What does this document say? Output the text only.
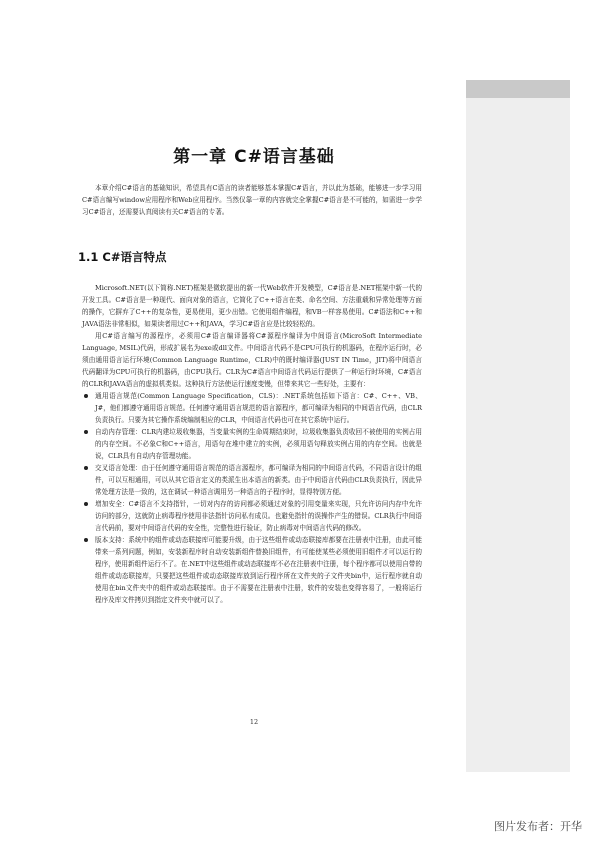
第一章 C#语言基础

本章介绍C#语言的基础知识，希望具有C语言的读者能够基本掌握C#语言，并以此为基础，能够进一步学习用C#语言编写window应用程序和Web应用程序。当然仅靠一章的内容就完全掌握C#语言是不可能的，如需进一步学习C#语言，还需要认真阅读有关C#语言的专著。

1.1 C#语言特点

Microsoft.NET(以下简称.NET)框架是微软提出的新一代Web软件开发模型，C#语言是.NET框架中新一代的开发工具。C#语言是一种现代、面向对象的语言，它简化了C++语言在类、命名空间、方法重载和异常处理等方面的操作，它摒弃了C++的复杂性，更易使用，更少出错。它使用组件编程，和VB一样容易使用。C#语法和C++和JAVA语法非常相似，如果读者用过C++和JAVA，学习C#语言应是比较轻松的。

用C#语言编写的源程序，必须用C#语言编译器将C#源程序编译为中间语言(MicroSoft Intermediate Language, MSIL)代码，形成扩展名为exe或dll文件。中间语言代码不是CPU可执行的机器码，在程序运行时，必须由通用语言运行环境(Common Language Runtime，CLR)中的既时编译器(JUST IN Time，JIT)将中间语言代码翻译为CPU可执行的机器码，由CPU执行。CLR为C#语言中间语言代码运行提供了一种运行时环境，C#语言的CLR和JAVA语言的虚拟机类似。这种执行方法使运行速度变慢，但带来其它一些好处，主要有：

通用语言规范(Common Language Specification，CLS)：.NET系统包括如下语言：C#、C++、VB、J#，他们都遵守通用语言规范。任何遵守通用语言规范的语言源程序，都可编译为相同的中间语言代码，由CLR负责执行。只要为其它操作系统编制相应的CLR，中间语言代码也可在其它系统中运行。
自动内存管理：CLR内建垃圾收集器，当变量实例的生命周期结束时，垃圾收集器负责收回不被使用的实例占用的内存空间。不必象C和C++语言，用语句在堆中建立的实例，必须用语句释放实例占用的内存空间。也就是说，CLR具有自动内存管理功能。
交叉语言处理：由于任何遵守通用语言规范的语言源程序，都可编译为相同的中间语言代码，不同语言设计的组件，可以互相通用，可以从其它语言定义的类派生出本语言的新类。由于中间语言代码由CLR负责执行，因此异常处理方法是一致的，这在调试一种语言调用另一种语言的子程序时，显得特别方便。
增加安全：C#语言不支持指针，一切对内存的访问都必须通过对象的引用变量来实现，只允许访问内存中允许访问的部分，这就防止病毒程序使用非法指针访问私有成员。也避免指针的误操作产生的错误。CLR执行中间语言代码前，要对中间语言代码的安全性，完整性进行验证，防止病毒对中间语言代码的修改。
版本支持：系统中的组件或动态联接库可能要升级，由于这些组件或动态联接库都要在注册表中注册，由此可能带来一系列问题，例如，安装新程序时自动安装新组件替换旧组件，有可能使某些必须使用旧组件才可以运行的程序，使用新组件运行不了。在.NET中这些组件或动态联接库不必在注册表中注册，每个程序都可以使用自带的组件或动态联接库，只要把这些组件或动态联接库放到运行程序所在文件夹的子文件夹bin中，运行程序就自动使用在bin文件夹中的组件或动态联接库。由于不需要在注册表中注册，软件的安装也变得容易了，一般将运行程序及库文件拷贝到指定文件夹中就可以了。
12
图片发布者：开华
